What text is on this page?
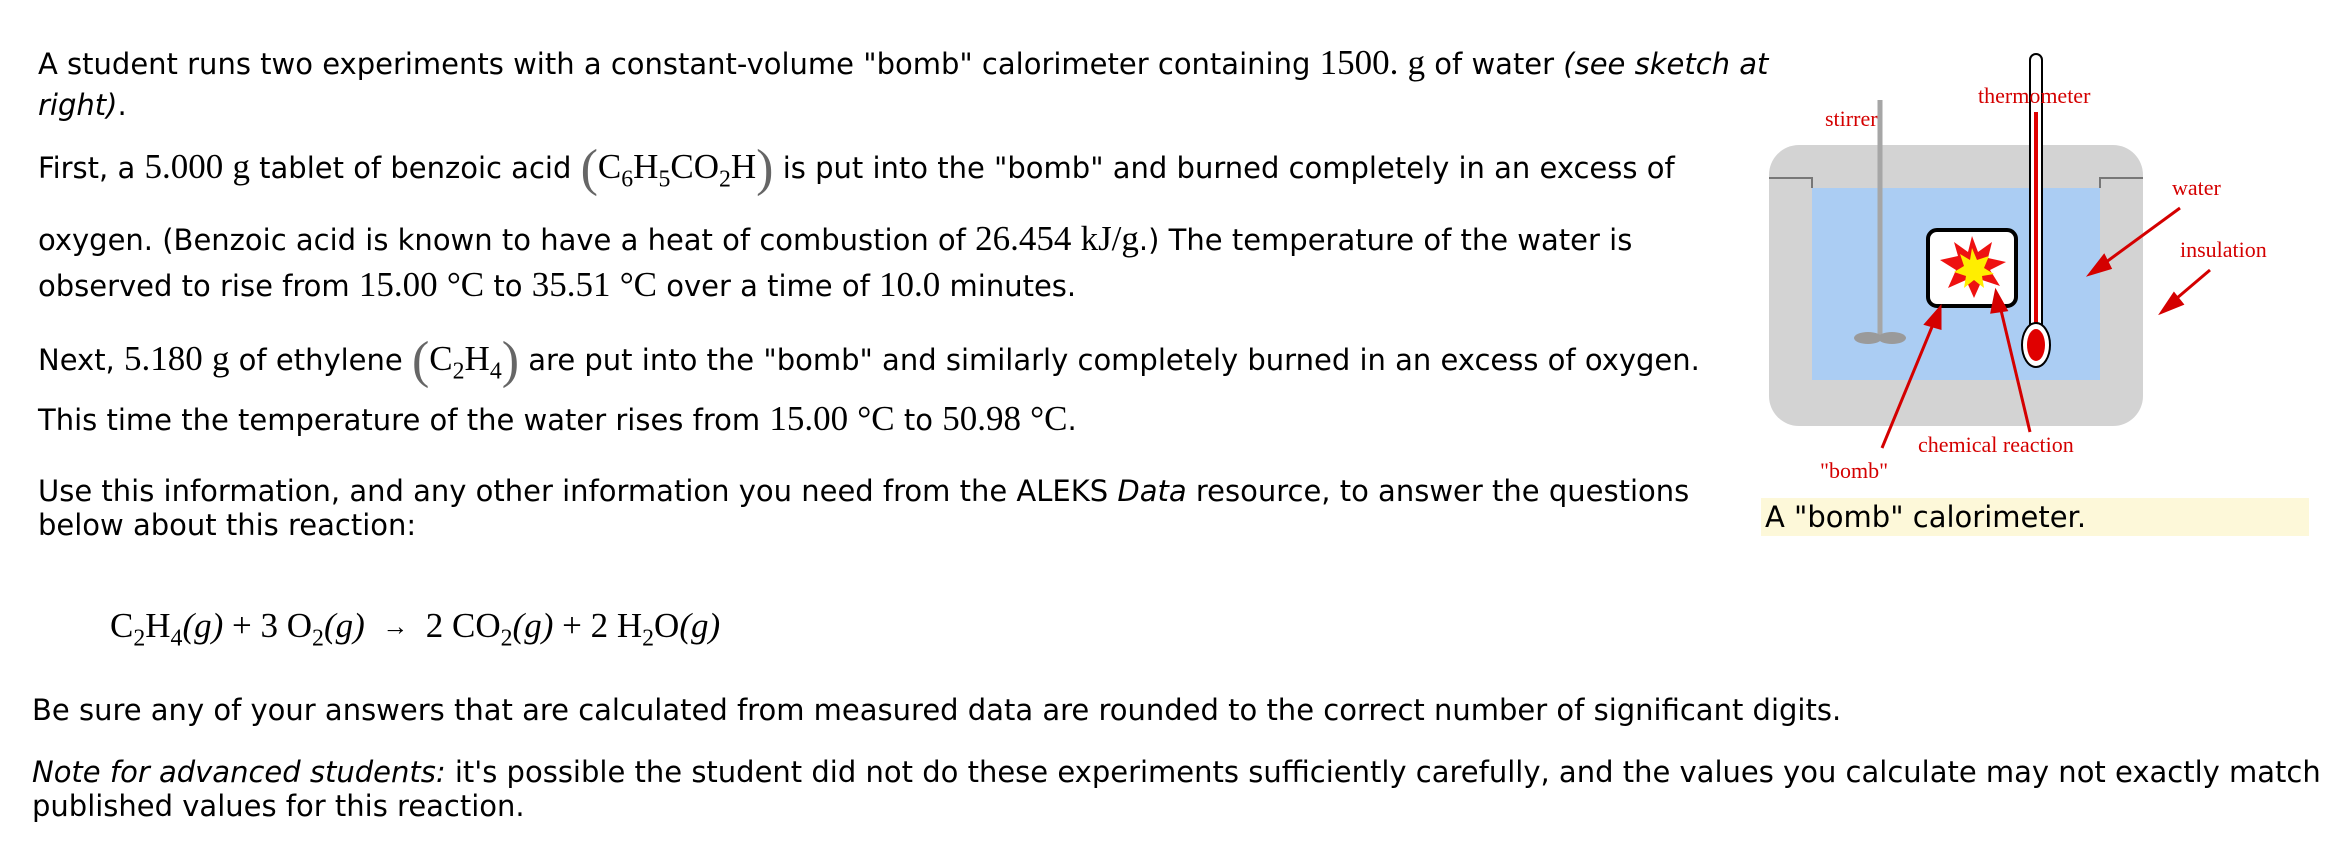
A student runs two experiments with a constant-volume "bomb" calorimeter containing 1500. g of water (see sketch at
right).
First, a 5.000 g tablet of benzoic acid $(C_6H_5CO_2H)$ is put into the "bomb" and burned completely in an excess of
oxygen. (Benzoic acid is known to have a heat of combustion of 26.454 kJ/g.) The temperature of the water is
observed to rise from 15.00 °C to 35.51 °C over a time of 10.0 minutes.
Next, 5.180 g of ethylene $(C_2H_4)$ are put into the "bomb" and similarly completely burned in an excess of oxygen.
This time the temperature of the water rises from 15.00 °C to 50.98 °C.
Use this information, and any other information you need from the ALEKS Data resource, to answer the questions
below about this reaction:
$C_2H_4(g) + 3$ $O_2(g) \to 2$ $CO_2(g) + 2$ $H_2O(g)$
Be sure any of your answers that are calculated from measured data are rounded to the correct number of significant digits.
Note for advanced students: it's possible the student did not do these experiments sufficiently carefully, and the values you calculate may not exactly match
published values for this reaction.
stirrer
thermometer
water
insulation
chemical reaction
"bomb"
A "bomb" calorimeter.
